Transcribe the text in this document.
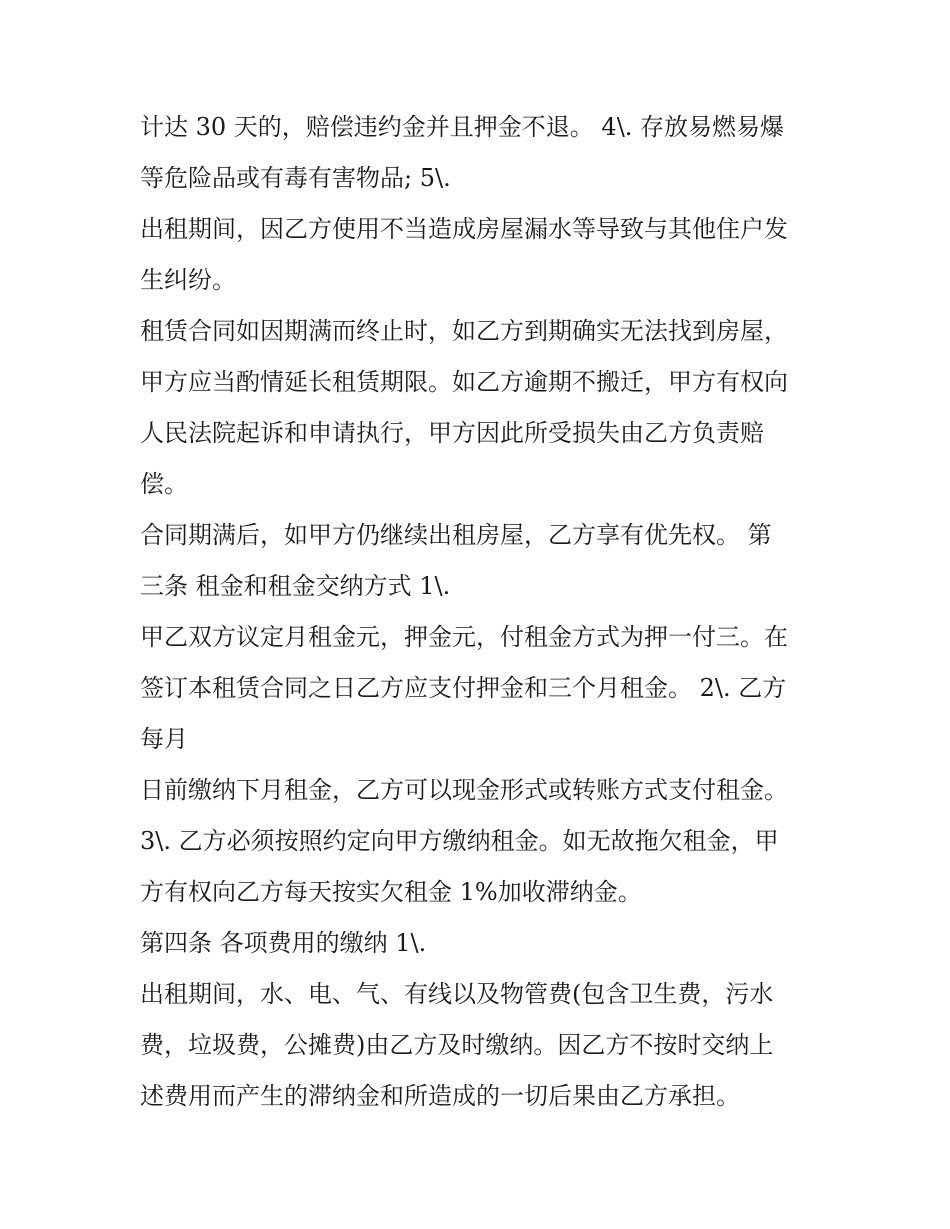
计达 30 天的，赔偿违约金并且押金不退。 4\. 存放易燃易爆
等危险品或有毒有害物品; 5\.
出租期间，因乙方使用不当造成房屋漏水等导致与其他住户发
生纠纷。
租赁合同如因期满而终止时，如乙方到期确实无法找到房屋，
甲方应当酌情延长租赁期限。如乙方逾期不搬迁，甲方有权向
人民法院起诉和申请执行，甲方因此所受损失由乙方负责赔
偿。
合同期满后，如甲方仍继续出租房屋，乙方享有优先权。 第
三条 租金和租金交纳方式 1\.
甲乙双方议定月租金元，押金元，付租金方式为押一付三。在
签订本租赁合同之日乙方应支付押金和三个月租金。 2\. 乙方
每月
日前缴纳下月租金，乙方可以现金形式或转账方式支付租金。
3\. 乙方必须按照约定向甲方缴纳租金。如无故拖欠租金，甲
方有权向乙方每天按实欠租金 1%加收滞纳金。
第四条 各项费用的缴纳 1\.
出租期间，水、电、气、有线以及物管费(包含卫生费，污水
费，垃圾费，公摊费)由乙方及时缴纳。因乙方不按时交纳上
述费用而产生的滞纳金和所造成的一切后果由乙方承担。
